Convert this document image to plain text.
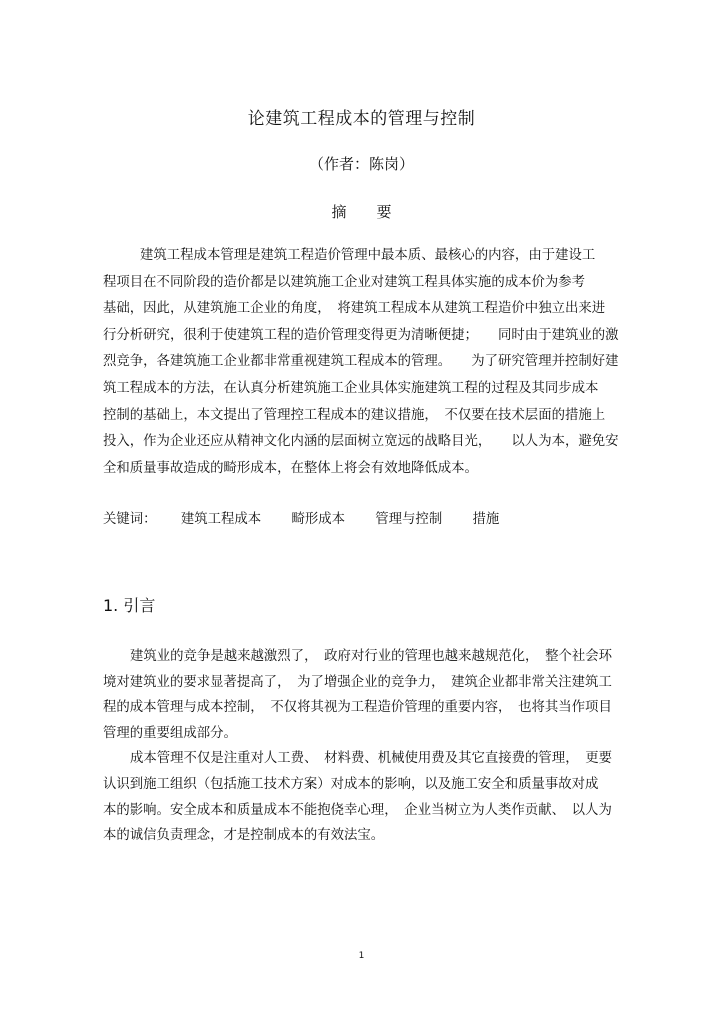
论建筑工程成本的管理与控制
（作者：陈岗）
摘要
建筑工程成本管理是建筑工程造价管理中最本质、最核心的内容，由于建设工
程项目在不同阶段的造价都是以建筑施工企业对建筑工程具体实施的成本价为参考
基础，因此，从建筑施工企业的角度，　将建筑工程成本从建筑工程造价中独立出来进
行分析研究，很利于使建筑工程的造价管理变得更为清晰便捷；　　同时由于建筑业的激
烈竞争，各建筑施工企业都非常重视建筑工程成本的管理。　　为了研究管理并控制好建
筑工程成本的方法，在认真分析建筑施工企业具体实施建筑工程的过程及其同步成本
控制的基础上，本文提出了管理控工程成本的建议措施，　不仅要在技术层面的措施上
投入，作为企业还应从精神文化内涵的层面树立宽远的战略目光，　　以人为本，避免安
全和质量事故造成的畸形成本，在整体上将会有效地降低成本。
关键词： 建筑工程成本 畸形成本 管理与控制 措施
1. 引言
建筑业的竞争是越来越激烈了，　政府对行业的管理也越来越规范化，　整个社会环
境对建筑业的要求显著提高了，　为了增强企业的竞争力，　建筑企业都非常关注建筑工
程的成本管理与成本控制，　不仅将其视为工程造价管理的重要内容，　也将其当作项目
管理的重要组成部分。
成本管理不仅是注重对人工费、　材料费、机械使用费及其它直接费的管理，　更要
认识到施工组织（包括施工技术方案）对成本的影响，以及施工安全和质量事故对成
本的影响。安全成本和质量成本不能抱侥幸心理，　企业当树立为人类作贡献、　以人为
本的诚信负责理念，才是控制成本的有效法宝。
1
